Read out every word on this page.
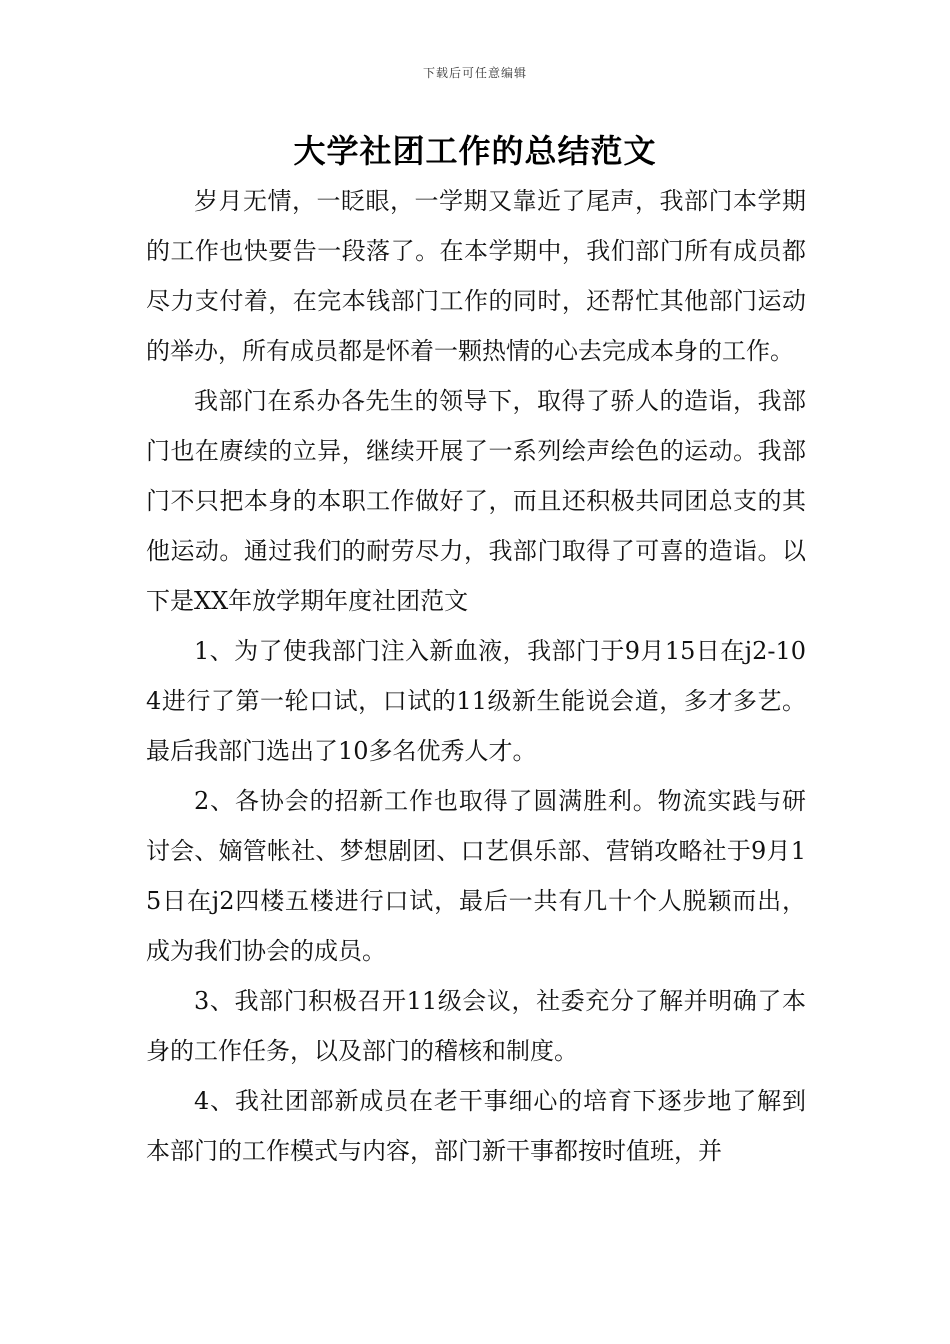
下载后可任意编辑
大学社团工作的总结范文

岁月无情，一眨眼，一学期又靠近了尾声，我部门本学期的工作也快要告一段落了。在本学期中，我们部门所有成员都尽力支付着，在完本钱部门工作的同时，还帮忙其他部门运动的举办，所有成员都是怀着一颗热情的心去完成本身的工作。

我部门在系办各先生的领导下，取得了骄人的造诣，我部门也在赓续的立异，继续开展了一系列绘声绘色的运动。我部门不只把本身的本职工作做好了，而且还积极共同团总支的其他运动。通过我们的耐劳尽力，我部门取得了可喜的造诣。以下是XX年放学期年度社团范文

1、为了使我部门注入新血液，我部门于9月15日在j2-104进行了第一轮口试，口试的11级新生能说会道，多才多艺。最后我部门选出了10多名优秀人才。

2、各协会的招新工作也取得了圆满胜利。物流实践与研讨会、嫡管帐社、梦想剧团、口艺俱乐部、营销攻略社于9月15日在j2四楼五楼进行口试，最后一共有几十个人脱颖而出，成为我们协会的成员。

3、我部门积极召开11级会议，社委充分了解并明确了本身的工作任务，以及部门的稽核和制度。

4、我社团部新成员在老干事细心的培育下逐步地了解到本部门的工作模式与内容，部门新干事都按时值班，并
